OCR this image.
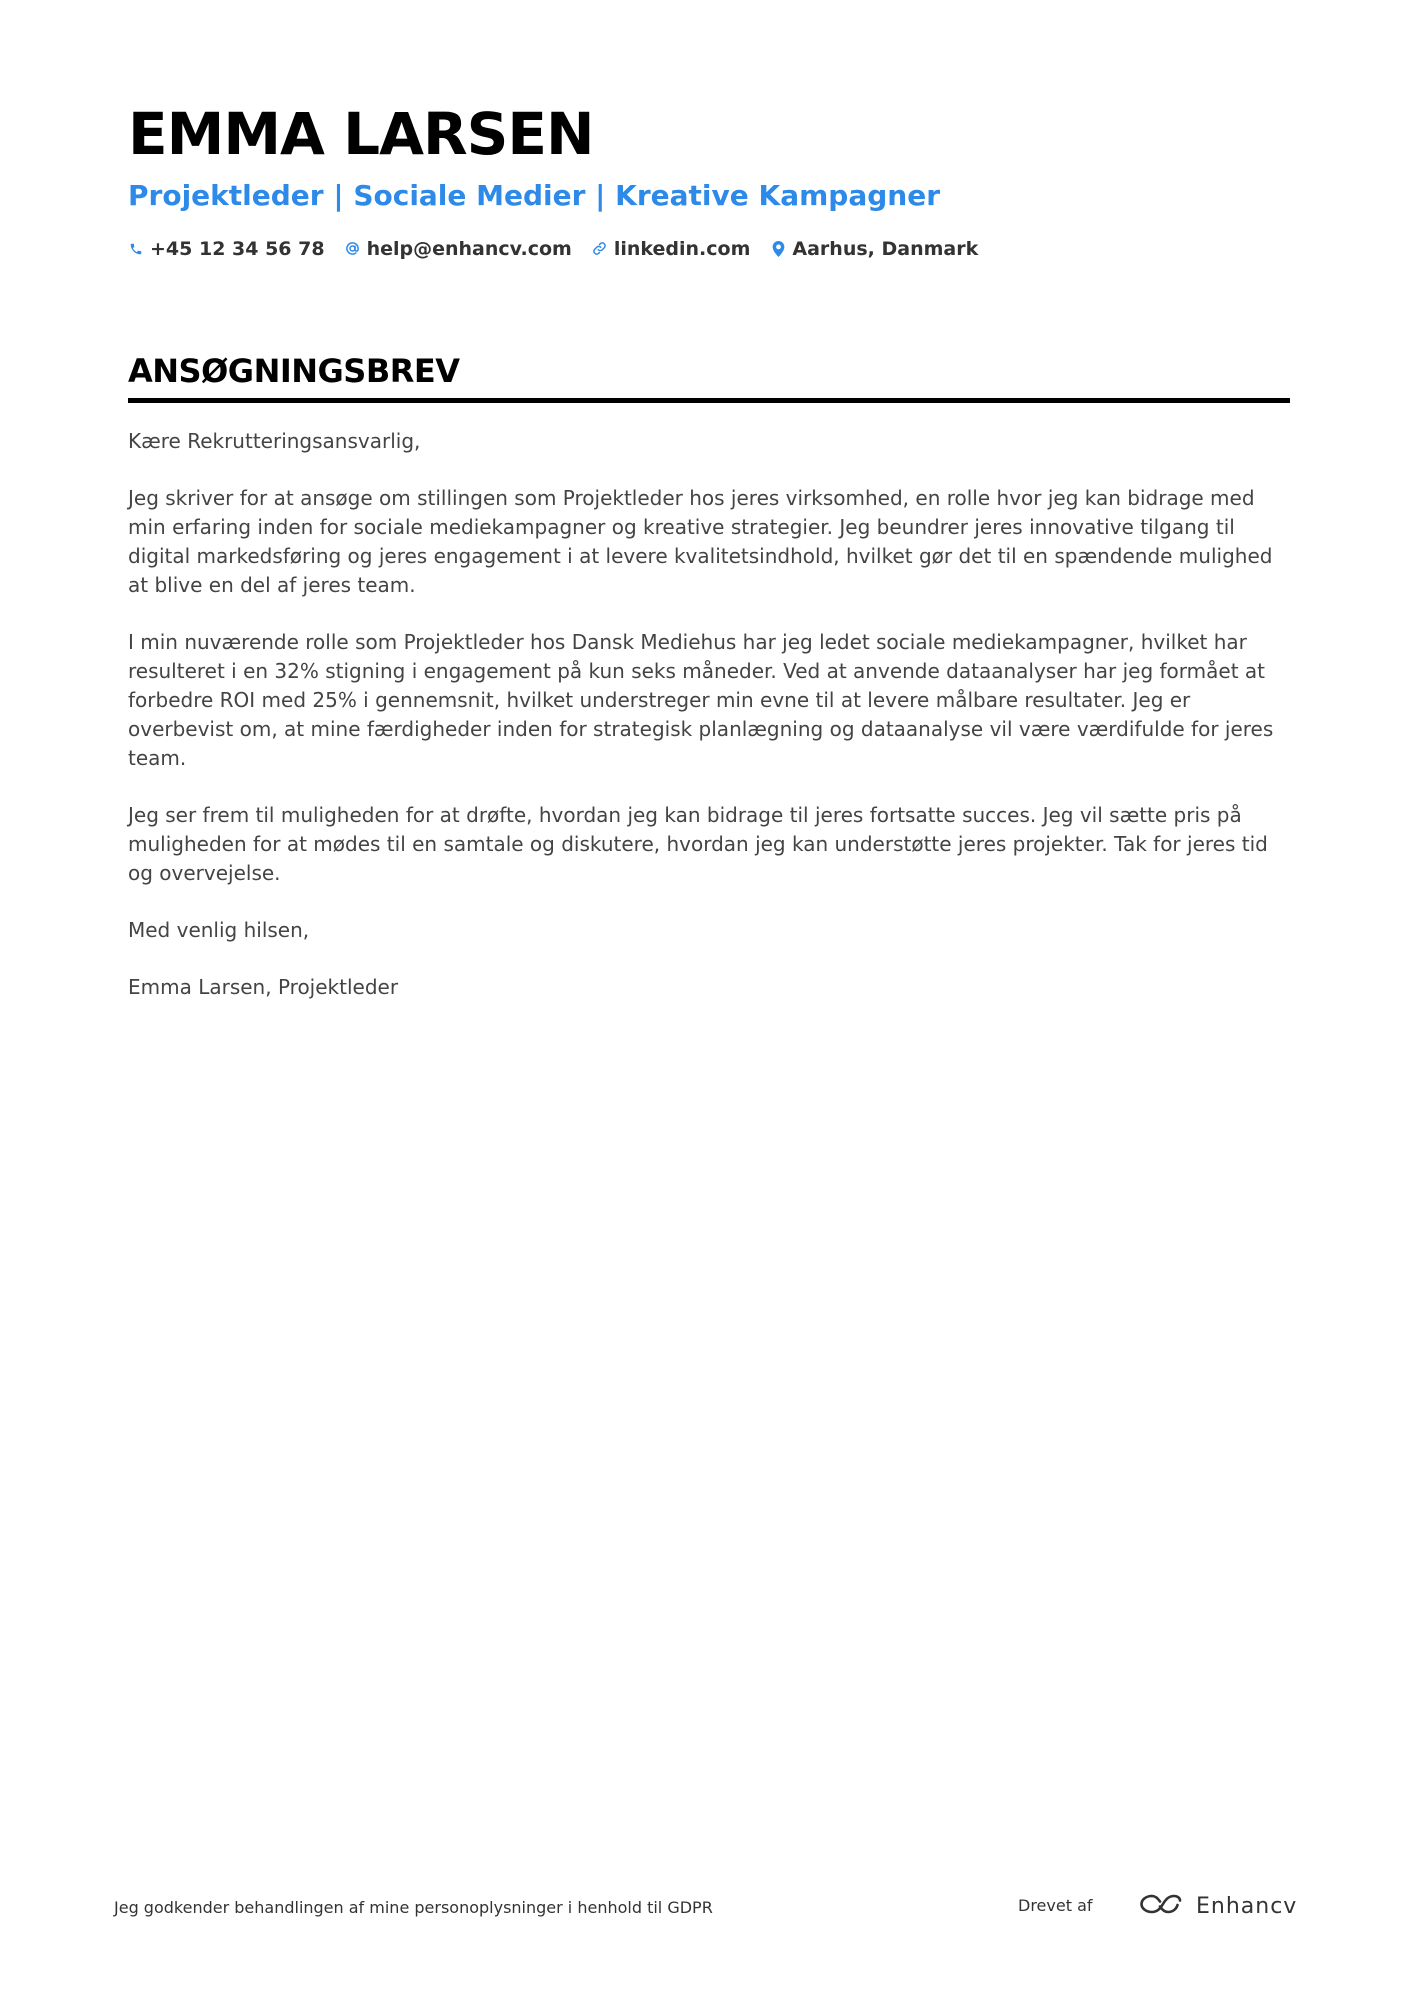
EMMA LARSEN
Projektleder | Sociale Medier | Kreative Kampagner
+45 12 34 56 78 help@enhancv.com linkedin.com Aarhus, Danmark
ANSØGNINGSBREV

Kære Rekrutteringsansvarlig,

Jeg skriver for at ansøge om stillingen som Projektleder hos jeres virksomhed, en rolle hvor jeg kan bidrage med min erfaring inden for sociale mediekampagner og kreative strategier. Jeg beundrer jeres innovative tilgang til digital markedsføring og jeres engagement i at levere kvalitetsindhold, hvilket gør det til en spændende mulighed at blive en del af jeres team.

I min nuværende rolle som Projektleder hos Dansk Mediehus har jeg ledet sociale mediekampagner, hvilket har resulteret i en 32% stigning i engagement på kun seks måneder. Ved at anvende dataanalyser har jeg formået at forbedre ROI med 25% i gennemsnit, hvilket understreger min evne til at levere målbare resultater. Jeg er overbevist om, at mine færdigheder inden for strategisk planlægning og dataanalyse vil være værdifulde for jeres team.

Jeg ser frem til muligheden for at drøfte, hvordan jeg kan bidrage til jeres fortsatte succes. Jeg vil sætte pris på muligheden for at mødes til en samtale og diskutere, hvordan jeg kan understøtte jeres projekter. Tak for jeres tid og overvejelse.

Med venlig hilsen,

Emma Larsen, Projektleder

Jeg godkender behandlingen af mine personoplysninger i henhold til GDPR	Drevet af	Enhancv
